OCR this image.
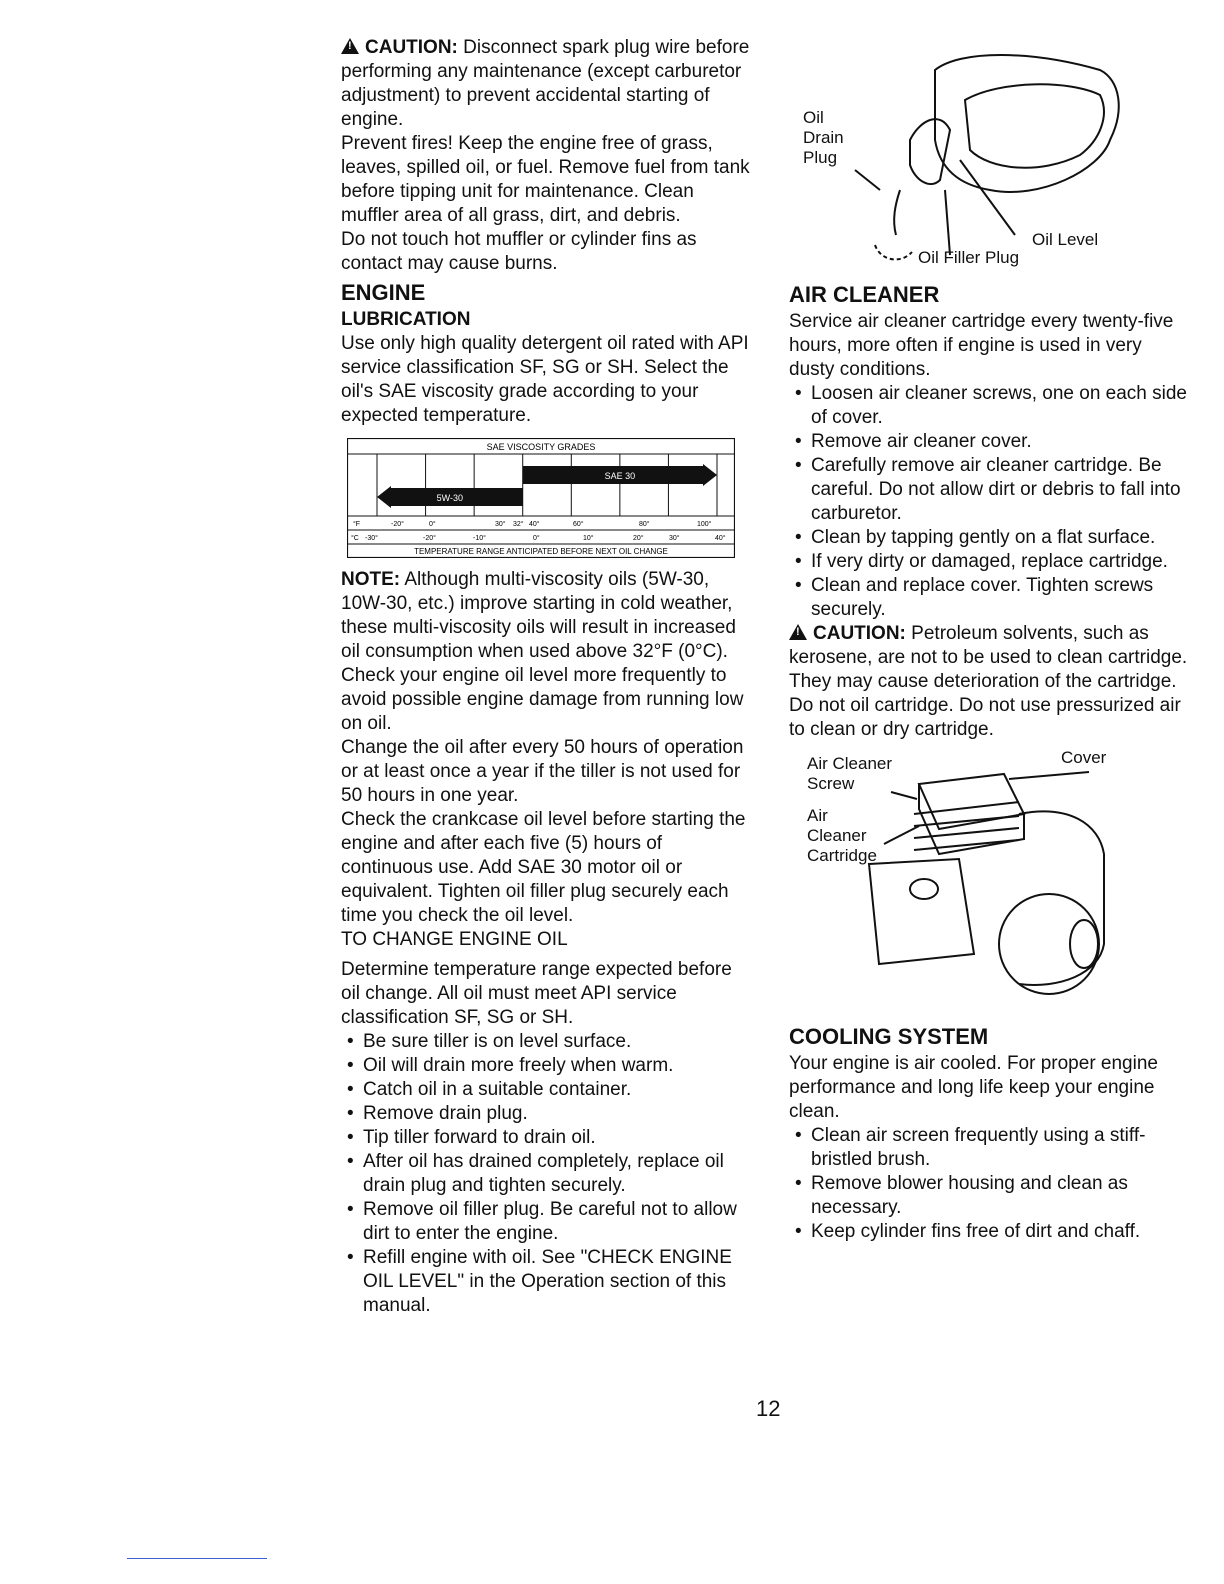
!CAUTION: Disconnect spark plug wire before performing any maintenance (except carburetor adjustment) to prevent accidental starting of engine.

Prevent fires! Keep the engine free of grass, leaves, spilled oil, or fuel. Remove fuel from tank before tipping unit for maintenance. Clean muffler area of all grass, dirt, and debris.

Do not touch hot muffler or cylinder fins as contact may cause burns.

ENGINE
LUBRICATION

Use only high quality detergent oil rated with API service classification SF, SG or SH. Select the oil's SAE viscosity grade according to your expected temperature.

SAE VISCOSITY GRADES
5W-30
SAE 30
°F	-20°	0°	30° 32° 40°	60°	80°	100°
°C -30°	-20°	-10°	0°	10°	20°	30°	40°
TEMPERATURE RANGE ANTICIPATED BEFORE NEXT OIL CHANGE

NOTE: Although multi-viscosity oils (5W-30, 10W-30, etc.) improve starting in cold weather, these multi-viscosity oils will result in increased oil consumption when used above 32°F (0°C). Check your engine oil level more frequently to avoid possible engine damage from running low on oil.

Change the oil after every 50 hours of operation or at least once a year if the tiller is not used for 50 hours in one year.

Check the crankcase oil level before starting the engine and after each five (5) hours of continuous use. Add SAE 30 motor oil or equivalent. Tighten oil filler plug securely each time you check the oil level.

TO CHANGE ENGINE OIL

Determine temperature range expected before oil change. All oil must meet API service classification SF, SG or SH.

• Be sure tiller is on level surface.
• Oil will drain more freely when warm.
• Catch oil in a suitable container.
• Remove drain plug.
• Tip tiller forward to drain oil.
• After oil has drained completely, replace oil drain plug and tighten securely.
• Remove oil filler plug. Be careful not to allow dirt to enter the engine.
• Refill engine with oil. See "CHECK ENGINE OIL LEVEL" in the Operation section of this manual.
Oil Drain Plug
Oil Filler Plug
Oil Level
AIR CLEANER

Service air cleaner cartridge every twenty-five hours, more often if engine is used in very dusty conditions.

• Loosen air cleaner screws, one on each side of cover.
• Remove air cleaner cover.
• Carefully remove air cleaner cartridge. Be careful. Do not allow dirt or debris to fall into carburetor.
• Clean by tapping gently on a flat surface.
• If very dirty or damaged, replace cartridge.
• Clean and replace cover. Tighten screws securely.

!CAUTION: Petroleum solvents, such as kerosene, are not to be used to clean cartridge. They may cause deterioration of the cartridge. Do not oil cartridge. Do not use pressurized air to clean or dry cartridge.

Air Cleaner Screw
Cover
Air Cleaner Cartridge
COOLING SYSTEM

Your engine is air cooled. For proper engine performance and long life keep your engine clean.

• Clean air screen frequently using a stiff-bristled brush.
• Remove blower housing and clean as necessary.
• Keep cylinder fins free of dirt and chaff.
12
